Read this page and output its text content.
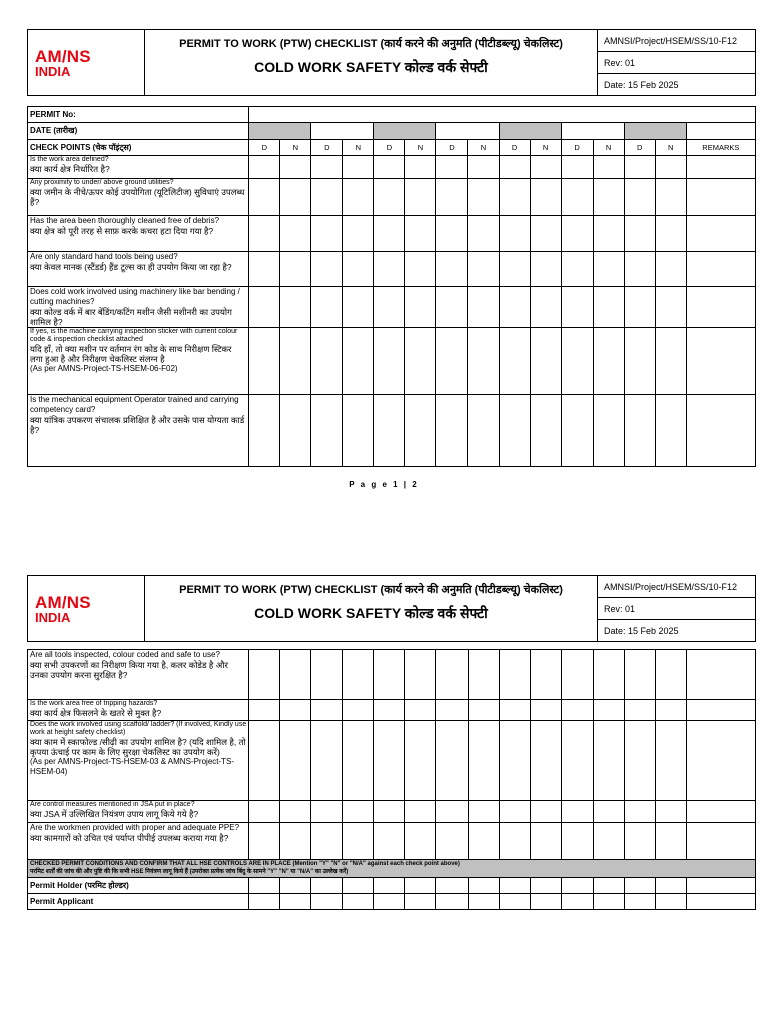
AM/NS
INDIA
PERMIT TO WORK (PTW) CHECKLIST (कार्य करने की अनुमति (पीटीडब्ल्यू) चेकलिस्ट)
COLD WORK SAFETY कोल्ड वर्क सेफ्टी
AMNSI/Project/HSEM/SS/10-F12
Rev: 01
Date: 15 Feb 2025
PERMIT No:															
DATE (तारीख)															
CHECK POINTS (चेक पॉइंट्स)	D	N	D	N	D	N	D	N	D	N	D	N	D	N	REMARKS

Is the work area defined?
क्या कार्य क्षेत्र निर्धारित है?															

Any proximity to under/ above ground utilities?
क्या जमीन के नीचे/ऊपर कोई उपयोगिता (यूटिलिटीज) सुविधाएं उपलब्ध हैं?															

Has the area been thoroughly cleaned free of debris?
क्या क्षेत्र को पूरी तरह से साफ़ करके कचरा हटा दिया गया है?															

Are only standard hand tools being used?
क्या केवल मानक (स्टैंडर्ड) हैंड टूल्स का ही उपयोग किया जा रहा है?															

Does cold work involved using machinery like bar bending / cutting machines?
क्या कोल्ड वर्क में बार बेंडिंग/कटिंग मशीन जैसी मशीनरी का उपयोग शामिल है?															

If yes, is the machine carrying inspection sticker with current colour code & inspection checklist attached
यदि हाँ, तो क्या मशीन पर वर्तमान रंग कोड के साथ निरीक्षण स्टिकर लगा हुआ है और निरीक्षण चेकलिस्ट संलग्न है
(As per AMNS-Project-TS-HSEM-06-F02)															

Is the mechanical equipment Operator trained and carrying competency card?
क्या यांत्रिक उपकरण संचालक प्रशिक्षित है और उसके पास योग्यता कार्ड है?															

P a g e 1 | 2
AM/NS
INDIA
PERMIT TO WORK (PTW) CHECKLIST (कार्य करने की अनुमति (पीटीडब्ल्यू) चेकलिस्ट)
COLD WORK SAFETY कोल्ड वर्क सेफ्टी
AMNSI/Project/HSEM/SS/10-F12
Rev: 01
Date: 15 Feb 2025
Are all tools inspected, colour coded and safe to use?
क्या सभी उपकरणों का निरीक्षण किया गया है, कलर कोडेड है और उनका उपयोग करना सुरक्षित है?															

Is the work area free of tripping hazards?
क्या कार्य क्षेत्र फिसलने के खतरे से मुक्त है?															

Does the work involved using scaffold/ ladder? (If involved, Kindly use work at height safety checklist)
क्या काम में स्काफोल्ड /सीढ़ी का उपयोग शामिल है? (यदि शामिल है, तो कृपया ऊंचाई पर काम के लिए सुरक्षा चेकलिस्ट का उपयोग करें)
(As per AMNS-Project-TS-HSEM-03 & AMNS-Project-TS-HSEM-04)															

Are control measures mentioned in JSA put in place?
क्या JSA में उल्लिखित नियंत्रण उपाय लागू किये गये है?															

Are the workmen provided with proper and adequate PPE?
क्या कामगारों को उचित एवं पर्याप्त पीपीई उपलब्ध कराया गया है?															

CHECKED PERMIT CONDITIONS AND CONFIRM THAT ALL HSE CONTROLS ARE IN PLACE (Mention "Y" "N" or "N/A" against each check point above)
परमिट शर्तों की जांच की और पुष्टि की कि सभी HSE नियंत्रण लागू किये हैं (उपरोक्त प्रत्येक जांच बिंदु के सामने "Y" "N" या "N/A" का उल्लेख करें)															

Permit Holder (परमिट होल्डर)															
Permit Applicant															
